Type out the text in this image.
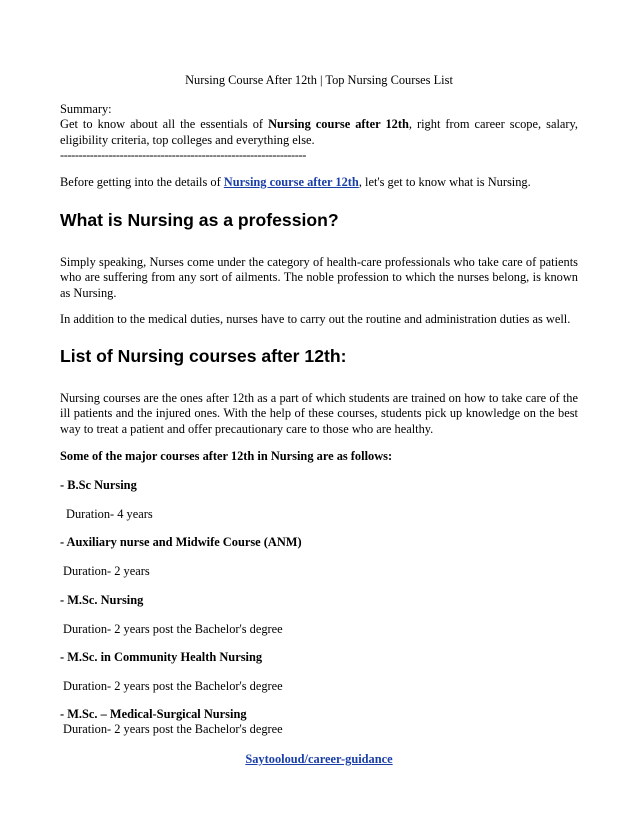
Nursing Course After 12th | Top Nursing Courses List

Summary:

Get to know about all the essentials of Nursing course after 12th, right from career scope, salary,

eligibility criteria, top colleges and everything else.

------------------------------------------------------------------

Before getting into the details of Nursing course after 12th, let's get to know what is Nursing.
What is Nursing as a profession?

Simply speaking, Nurses come under the category of health-care professionals who take care of patients who are suffering from any sort of ailments. The noble profession to which the nurses belong, is known as Nursing.

In addition to the medical duties, nurses have to carry out the routine and administration duties as well.

List of Nursing courses after 12th:

Nursing courses are the ones after 12th as a part of which students are trained on how to take care of the ill patients and the injured ones. With the help of these courses, students pick up knowledge on the best way to treat a patient and offer precautionary care to those who are healthy.

Some of the major courses after 12th in Nursing are as follows:

- B.Sc Nursing

Duration- 4 years

- Auxiliary nurse and Midwife Course (ANM)

Duration- 2 years

- M.Sc. Nursing

Duration- 2 years post the Bachelor's degree

- M.Sc. in Community Health Nursing

Duration- 2 years post the Bachelor's degree

- M.Sc. – Medical-Surgical Nursing

Duration- 2 years post the Bachelor's degree

Saytooloud/career-guidance
